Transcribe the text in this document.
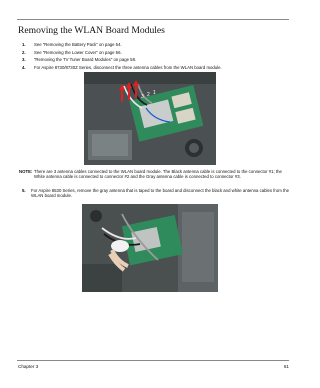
Removing the WLAN Board Modules
1. See “Removing the Battery Pack” on page 54.
2. See “Removing the Lower Cover” on page 56.
3. “Removing the TV Tuner Board Modules” on page 58.
4. For Aspire 8730/8730Z Series, disconnect the three antenna cables from the WLAN board module.
3 2 1
NOTE: There are 3 antenna cables connected to the WLAN board module. The Black antenna cable is connected to the connector #1; the White antenna cable is connected to connector #2 and the Gray antenna cable is connected to connector #3.
5. For Aspire 8530 Series, remove the gray antenna that is taped to the board and disconnect the black and white antenna cables from the WLAN board module.
Chapter 3	61
